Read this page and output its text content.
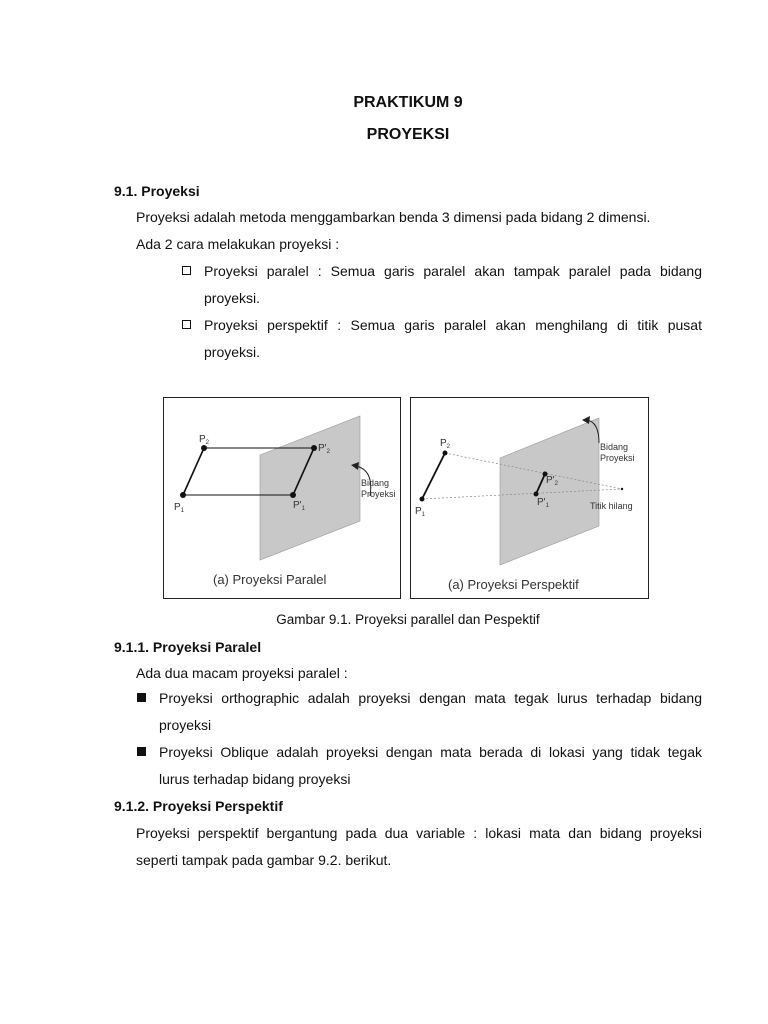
PRAKTIKUM 9
PROYEKSI
9.1. Proyeksi
Proyeksi adalah metoda menggambarkan benda 3 dimensi pada bidang 2 dimensi.
Ada 2 cara melakukan proyeksi :
Proyeksi paralel : Semua garis paralel akan tampak paralel pada bidang
proyeksi.
Proyeksi perspektif : Semua garis paralel akan menghilang di titik pusat
proyeksi.
$P_2$
$P_1$
$P'_2$
$P'_1$
Bidang
Proyeksi
(a) Proyeksi Paralel
$P_2$
$P_1$
$P'_2$
$P'_1$
Bidang
Proyeksi
Titik hilang
(a) Proyeksi Perspektif
Gambar 9.1. Proyeksi parallel dan Pespektif
9.1.1. Proyeksi Paralel
Ada dua macam proyeksi paralel :
Proyeksi orthographic adalah proyeksi dengan mata tegak lurus terhadap bidang
proyeksi
Proyeksi Oblique adalah proyeksi dengan mata berada di lokasi yang tidak tegak
lurus terhadap bidang proyeksi
9.1.2. Proyeksi Perspektif
Proyeksi perspektif bergantung pada dua variable : lokasi mata dan bidang proyeksi
seperti tampak pada gambar 9.2. berikut.
